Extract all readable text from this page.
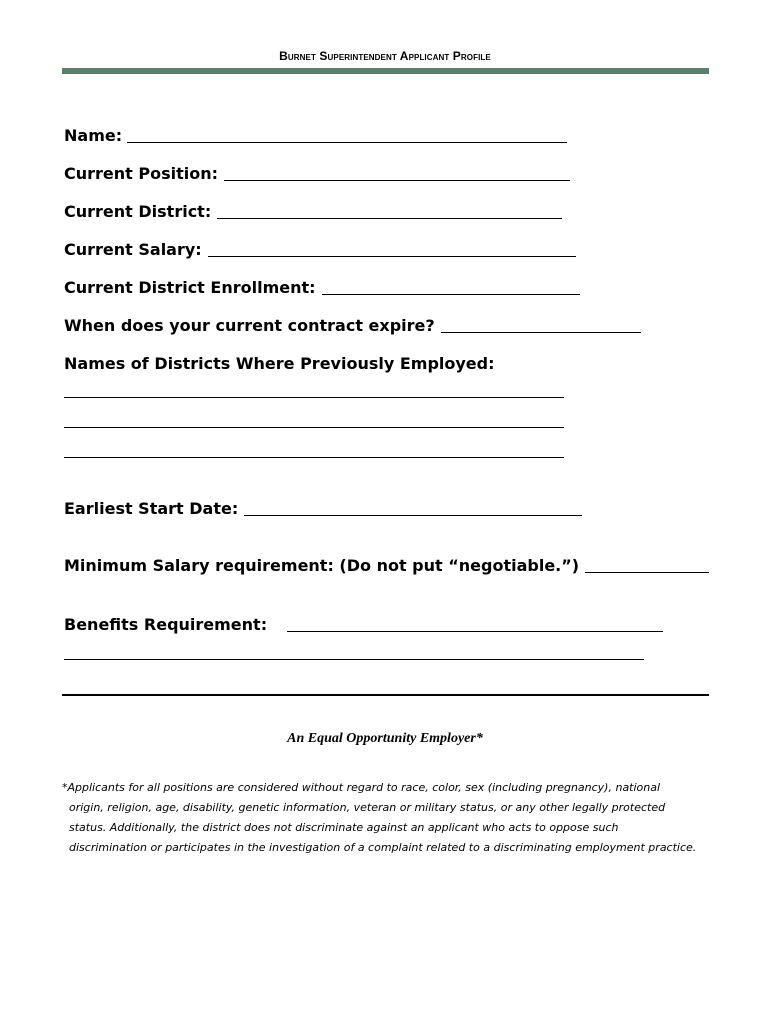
Burnet Superintendent Applicant Profile
Name:
Current Position:
Current District:
Current Salary:
Current District Enrollment:
When does your current contract expire?
Names of Districts Where Previously Employed:
Earliest Start Date:
Minimum Salary requirement: (Do not put “negotiable.”)
Benefits Requirement:
An Equal Opportunity Employer*
*Applicants for all positions are considered without regard to race, color, sex (including pregnancy), national
origin, religion, age, disability, genetic information, veteran or military status, or any other legally protected
status. Additionally, the district does not discriminate against an applicant who acts to oppose such
discrimination or participates in the investigation of a complaint related to a discriminating employment practice.
